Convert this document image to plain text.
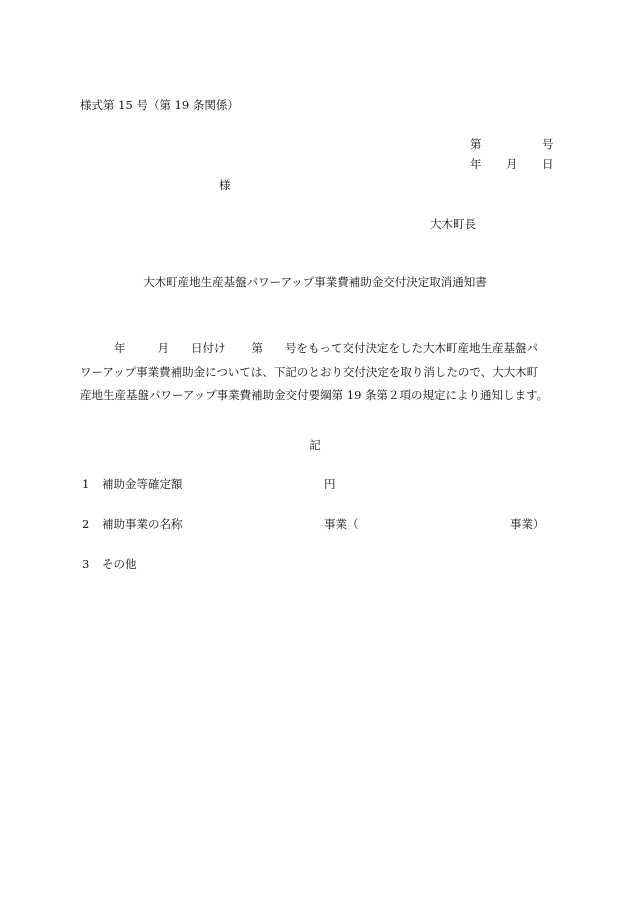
様式第 15 号（第 19 条関係）
第	号
年 月 日
様
大木町長
大木町産地生産基盤パワーアップ事業費補助金交付決定取消通知書
年	月 日付け 第 号をもって交付決定をした大木町産地生産基盤パ
ワーアップ事業費補助金については、下記のとおり交付決定を取り消したので、大大木町
産地生産基盤パワーアップ事業費補助金交付要綱第 19 条第２項の規定により通知します。
記
1 補助金等確定額	円
2 補助事業の名称	事業（	事業）
3 その他
